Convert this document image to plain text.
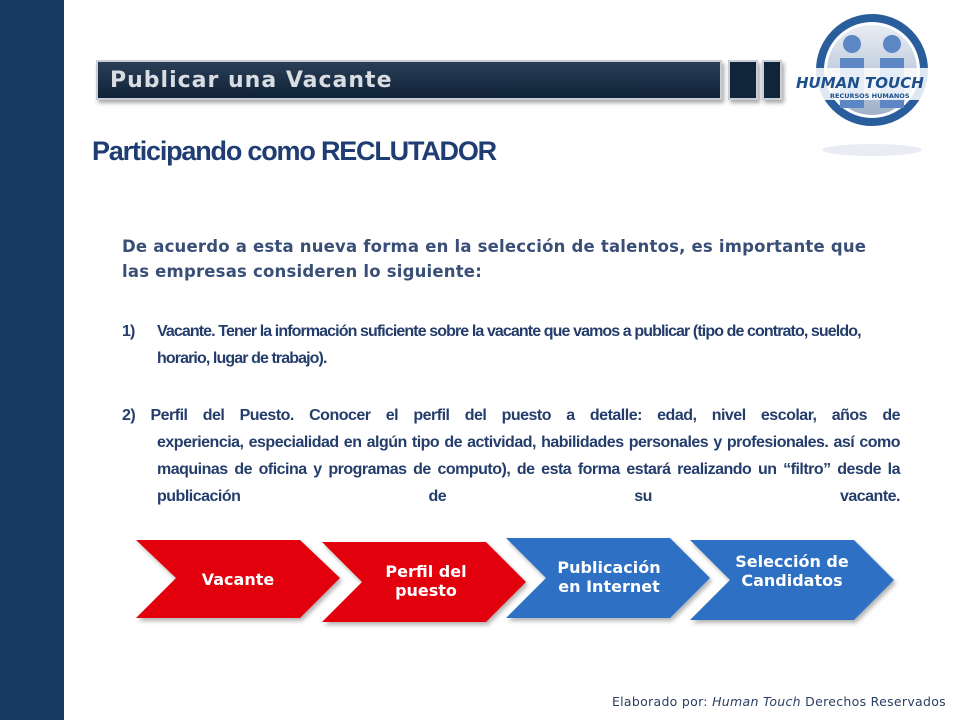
Publicar una Vacante	HUMAN TOUCH
RECURSOS HUMANOS
Participando como RECLUTADOR
De acuerdo a esta nueva forma en la selección de talentos, es importante que las empresas consideren lo siguiente:
1) Vacante. Tener la información suficiente sobre la vacante que vamos a publicar (tipo de contrato, sueldo, horario, lugar de trabajo).
2) Perfil del Puesto. Conocer el perfil del puesto a detalle: edad, nivel escolar, años de
experiencia, especialidad en algún tipo de actividad, habilidades personales y profesionales. así como maquinas de oficina y programas de computo), de esta forma estará realizando un “filtro” desde la publicación de su vacante.
Vacante	Perfil del puesto
Publicación en Internet
Selección de Candidatos
Elaborado por: Human Touch Derechos Reservados
